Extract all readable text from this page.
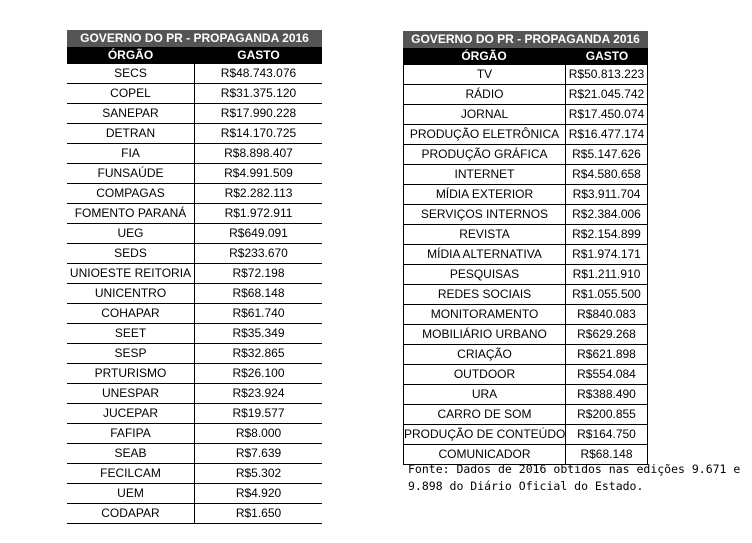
GOVERNO DO PR - PROPAGANDA 2016
ÓRGÃO	GASTO
SECS	R$48.743.076
COPEL	R$31.375.120
SANEPAR	R$17.990.228
DETRAN	R$14.170.725
FIA	R$8.898.407
FUNSAÚDE	R$4.991.509
COMPAGAS	R$2.282.113
FOMENTO PARANÁ	R$1.972.911
UEG	R$649.091
SEDS	R$233.670
UNIOESTE REITORIA	R$72.198
UNICENTRO	R$68.148
COHAPAR	R$61.740
SEET	R$35.349
SESP	R$32.865
PRTURISMO	R$26.100
UNESPAR	R$23.924
JUCEPAR	R$19.577
FAFIPA	R$8.000
SEAB	R$7.639
FECILCAM	R$5.302
UEM	R$4.920
CODAPAR	R$1.650
GOVERNO DO PR - PROPAGANDA 2016
ÓRGÃO	GASTO
TV	R$50.813.223
RÁDIO	R$21.045.742
JORNAL	R$17.450.074
PRODUÇÃO ELETRÔNICA R$16.477.174
PRODUÇÃO GRÁFICA	R$5.147.626
INTERNET	R$4.580.658
MÍDIA EXTERIOR	R$3.911.704
SERVIÇOS INTERNOS	R$2.384.006
REVISTA	R$2.154.899
MÍDIA ALTERNATIVA	R$1.974.171
PESQUISAS	R$1.211.910
REDES SOCIAIS	R$1.055.500
MONITORAMENTO	R$840.083
MOBILIÁRIO URBANO	R$629.268
CRIAÇÃO	R$621.898
OUTDOOR	R$554.084
URA	R$388.490
CARRO DE SOM	R$200.855
PRODUÇÃO DE CONTEÚDO R$164.750
COMUNICADOR	R$68.148
Fonte: Dados de 2016 obtidos nas edições 9.671 e 9.898 do Diário Oficial do Estado.
